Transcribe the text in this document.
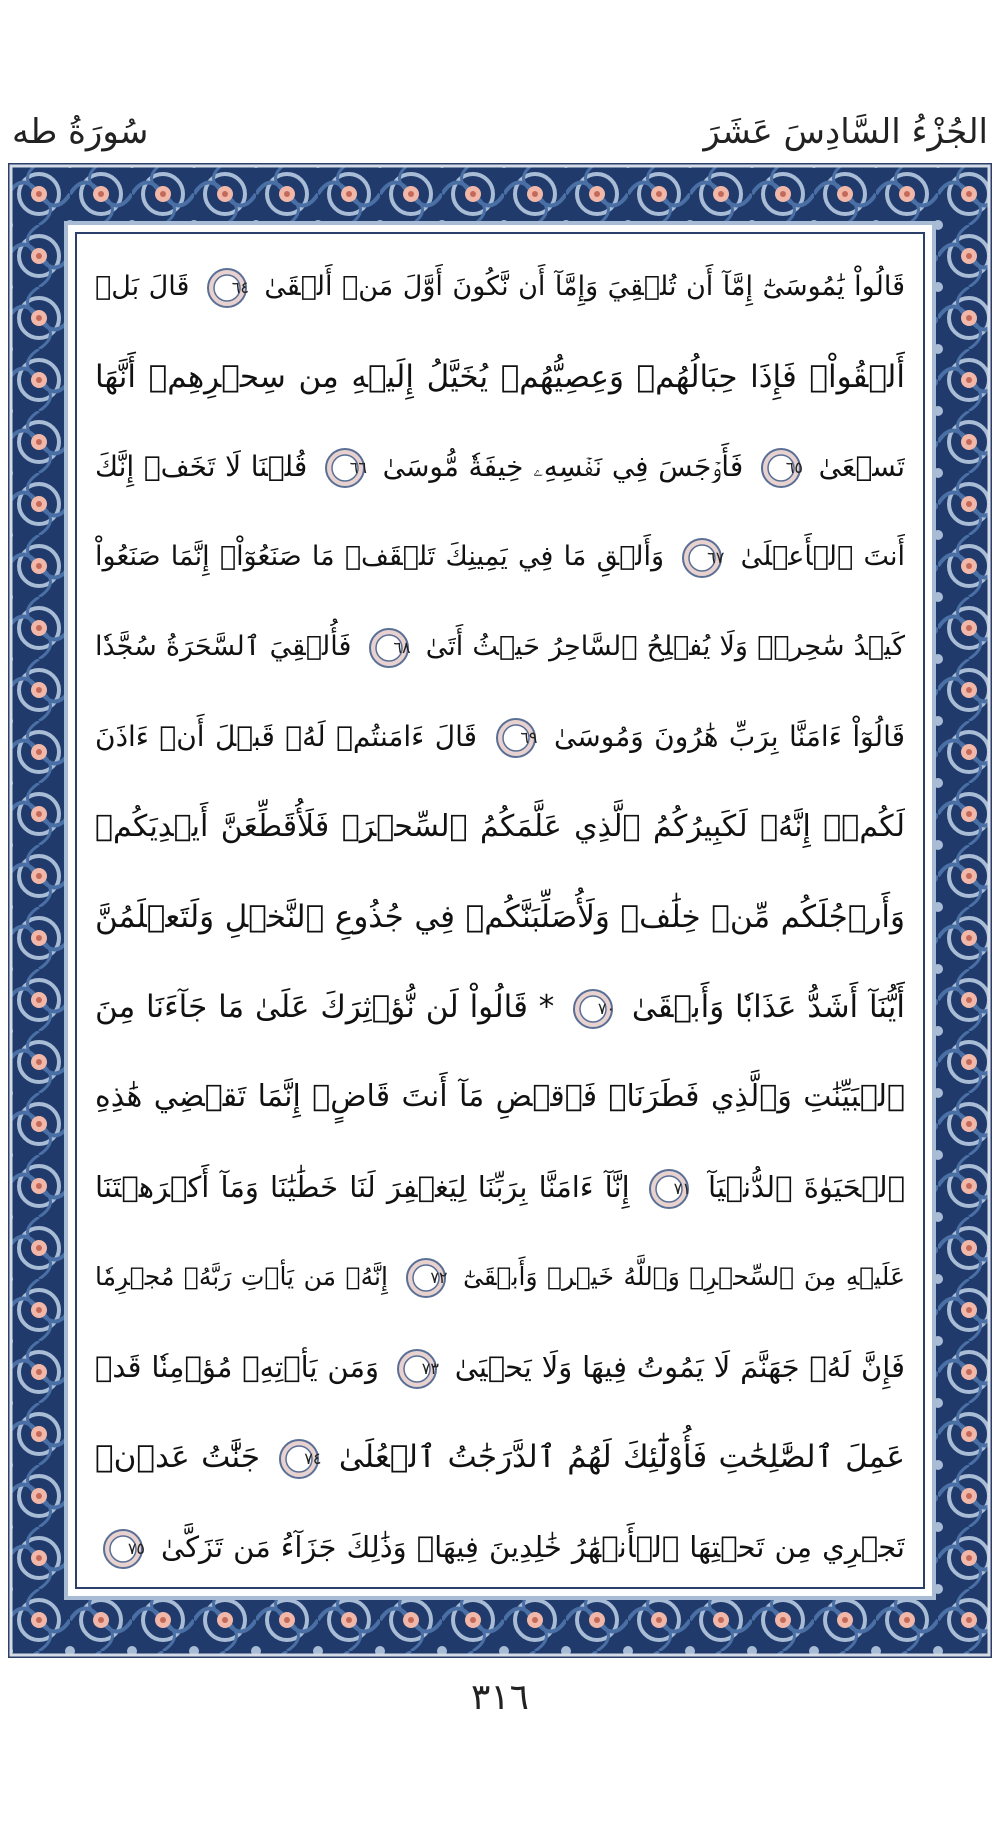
الجُزْءُ السَّادِسَ عَشَرَ
سُورَةُ طه
قَالُواْ يَٰمُوسَىٰٓ إِمَّآ أَن تُلۡقِيَ وَإِمَّآ أَن نَّكُونَ أَوَّلَ مَنۡ أَلۡقَىٰ
٦٤
قَالَ بَلۡ
أَلۡقُواْۖ فَإِذَا حِبَالُهُمۡ وَعِصِيُّهُمۡ يُخَيَّلُ إِلَيۡهِ مِن سِحۡرِهِمۡ أَنَّهَا
تَسۡعَىٰ
٦٥
فَأَوۡجَسَ فِي نَفۡسِهِۦ خِيفَةٗ مُّوسَىٰ
٦٦
قُلۡنَا لَا تَخَفۡ إِنَّكَ
أَنتَ ٱلۡأَعۡلَىٰ
٦٧
وَأَلۡقِ مَا فِي يَمِينِكَ تَلۡقَفۡ مَا صَنَعُوٓاْۖ إِنَّمَا صَنَعُواْ
كَيۡدُ سَٰحِرٖۖ وَلَا يُفۡلِحُ ٱلسَّاحِرُ حَيۡثُ أَتَىٰ
٦٨
فَأُلۡقِيَ ٱلسَّحَرَةُ سُجَّدٗا
قَالُوٓاْ ءَامَنَّا بِرَبِّ هَٰرُونَ وَمُوسَىٰ
٦٩
قَالَ ءَامَنتُمۡ لَهُۥ قَبۡلَ أَنۡ ءَاذَنَ
لَكُمۡۖ إِنَّهُۥ لَكَبِيرُكُمُ ٱلَّذِي عَلَّمَكُمُ ٱلسِّحۡرَۖ فَلَأُقَطِّعَنَّ أَيۡدِيَكُمۡ
وَأَرۡجُلَكُم مِّنۡ خِلَٰفٖ وَلَأُصَلِّبَنَّكُمۡ فِي جُذُوعِ ٱلنَّخۡلِ وَلَتَعۡلَمُنَّ
أَيُّنَآ أَشَدُّ عَذَابٗا وَأَبۡقَىٰ
٧٠
* قَالُواْ لَن نُّؤۡثِرَكَ عَلَىٰ مَا جَآءَنَا مِنَ
ٱلۡبَيِّنَٰتِ وَٱلَّذِي فَطَرَنَاۖ فَٱقۡضِ مَآ أَنتَ قَاضٍۖ إِنَّمَا تَقۡضِي هَٰذِهِ
ٱلۡحَيَوٰةَ ٱلدُّنۡيَآ
٧١
إِنَّآ ءَامَنَّا بِرَبِّنَا لِيَغۡفِرَ لَنَا خَطَٰيَٰنَا وَمَآ أَكۡرَهۡتَنَا
عَلَيۡهِ مِنَ ٱلسِّحۡرِۗ وَٱللَّهُ خَيۡرٞ وَأَبۡقَىٰٓ
٧٢
إِنَّهُۥ مَن يَأۡتِ رَبَّهُۥ مُجۡرِمٗا
فَإِنَّ لَهُۥ جَهَنَّمَ لَا يَمُوتُ فِيهَا وَلَا يَحۡيَىٰ
٧٣
وَمَن يَأۡتِهِۦ مُؤۡمِنٗا قَدۡ
عَمِلَ ٱلصَّٰلِحَٰتِ فَأُوْلَٰٓئِكَ لَهُمُ ٱلدَّرَجَٰتُ ٱلۡعُلَىٰ
٧٤
جَنَّٰتُ عَدۡنٖ
تَجۡرِي مِن تَحۡتِهَا ٱلۡأَنۡهَٰرُ خَٰلِدِينَ فِيهَاۚ وَذَٰلِكَ جَزَآءُ مَن تَزَكَّىٰ
٧٥
٣١٦
